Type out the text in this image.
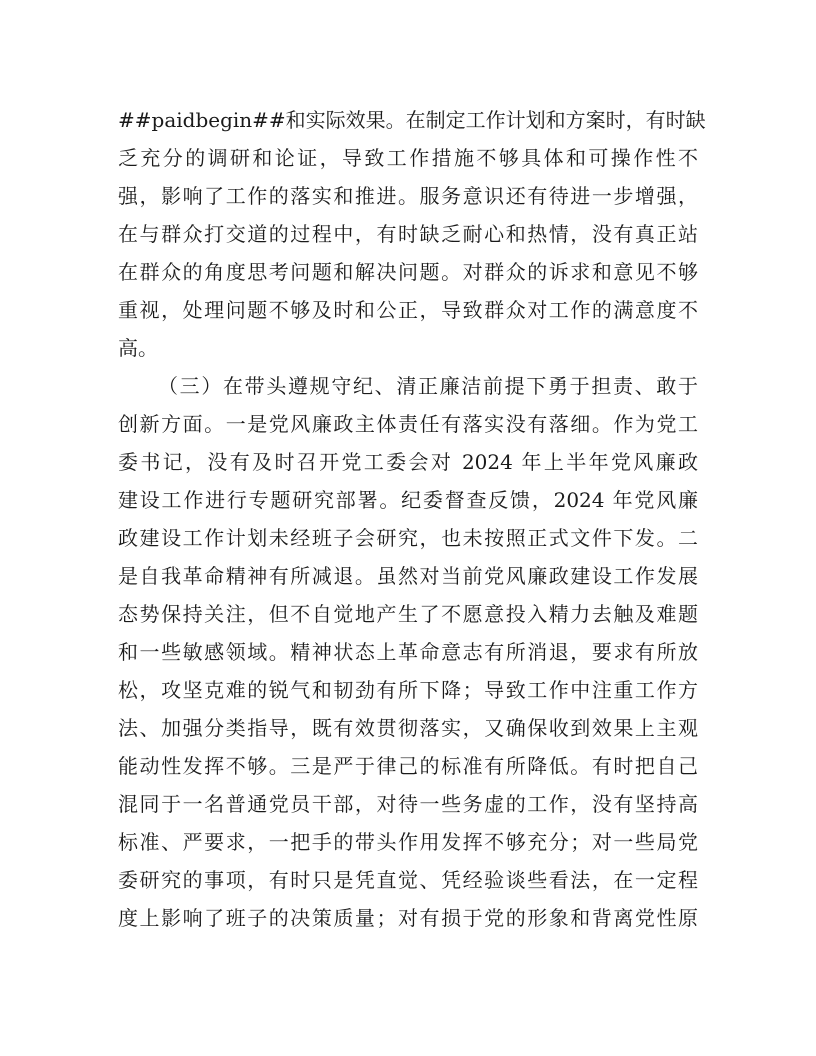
##paidbegin##和实际效果。在制定工作计划和方案时，有时缺
乏充分的调研和论证，导致工作措施不够具体和可操作性不
强，影响了工作的落实和推进。服务意识还有待进一步增强，
在与群众打交道的过程中，有时缺乏耐心和热情，没有真正站
在群众的角度思考问题和解决问题。对群众的诉求和意见不够
重视，处理问题不够及时和公正，导致群众对工作的满意度不
高。
（三）在带头遵规守纪、清正廉洁前提下勇于担责、敢于
创新方面。一是党风廉政主体责任有落实没有落细。作为党工
委书记，没有及时召开党工委会对 2024 年上半年党风廉政
建设工作进行专题研究部署。纪委督查反馈，2024 年党风廉
政建设工作计划未经班子会研究，也未按照正式文件下发。二
是自我革命精神有所减退。虽然对当前党风廉政建设工作发展
态势保持关注，但不自觉地产生了不愿意投入精力去触及难题
和一些敏感领域。精神状态上革命意志有所消退，要求有所放
松，攻坚克难的锐气和韧劲有所下降；导致工作中注重工作方
法、加强分类指导，既有效贯彻落实，又确保收到效果上主观
能动性发挥不够。三是严于律己的标准有所降低。有时把自己
混同于一名普通党员干部，对待一些务虚的工作，没有坚持高
标准、严要求，一把手的带头作用发挥不够充分；对一些局党
委研究的事项，有时只是凭直觉、凭经验谈些看法，在一定程
度上影响了班子的决策质量；对有损于党的形象和背离党性原
